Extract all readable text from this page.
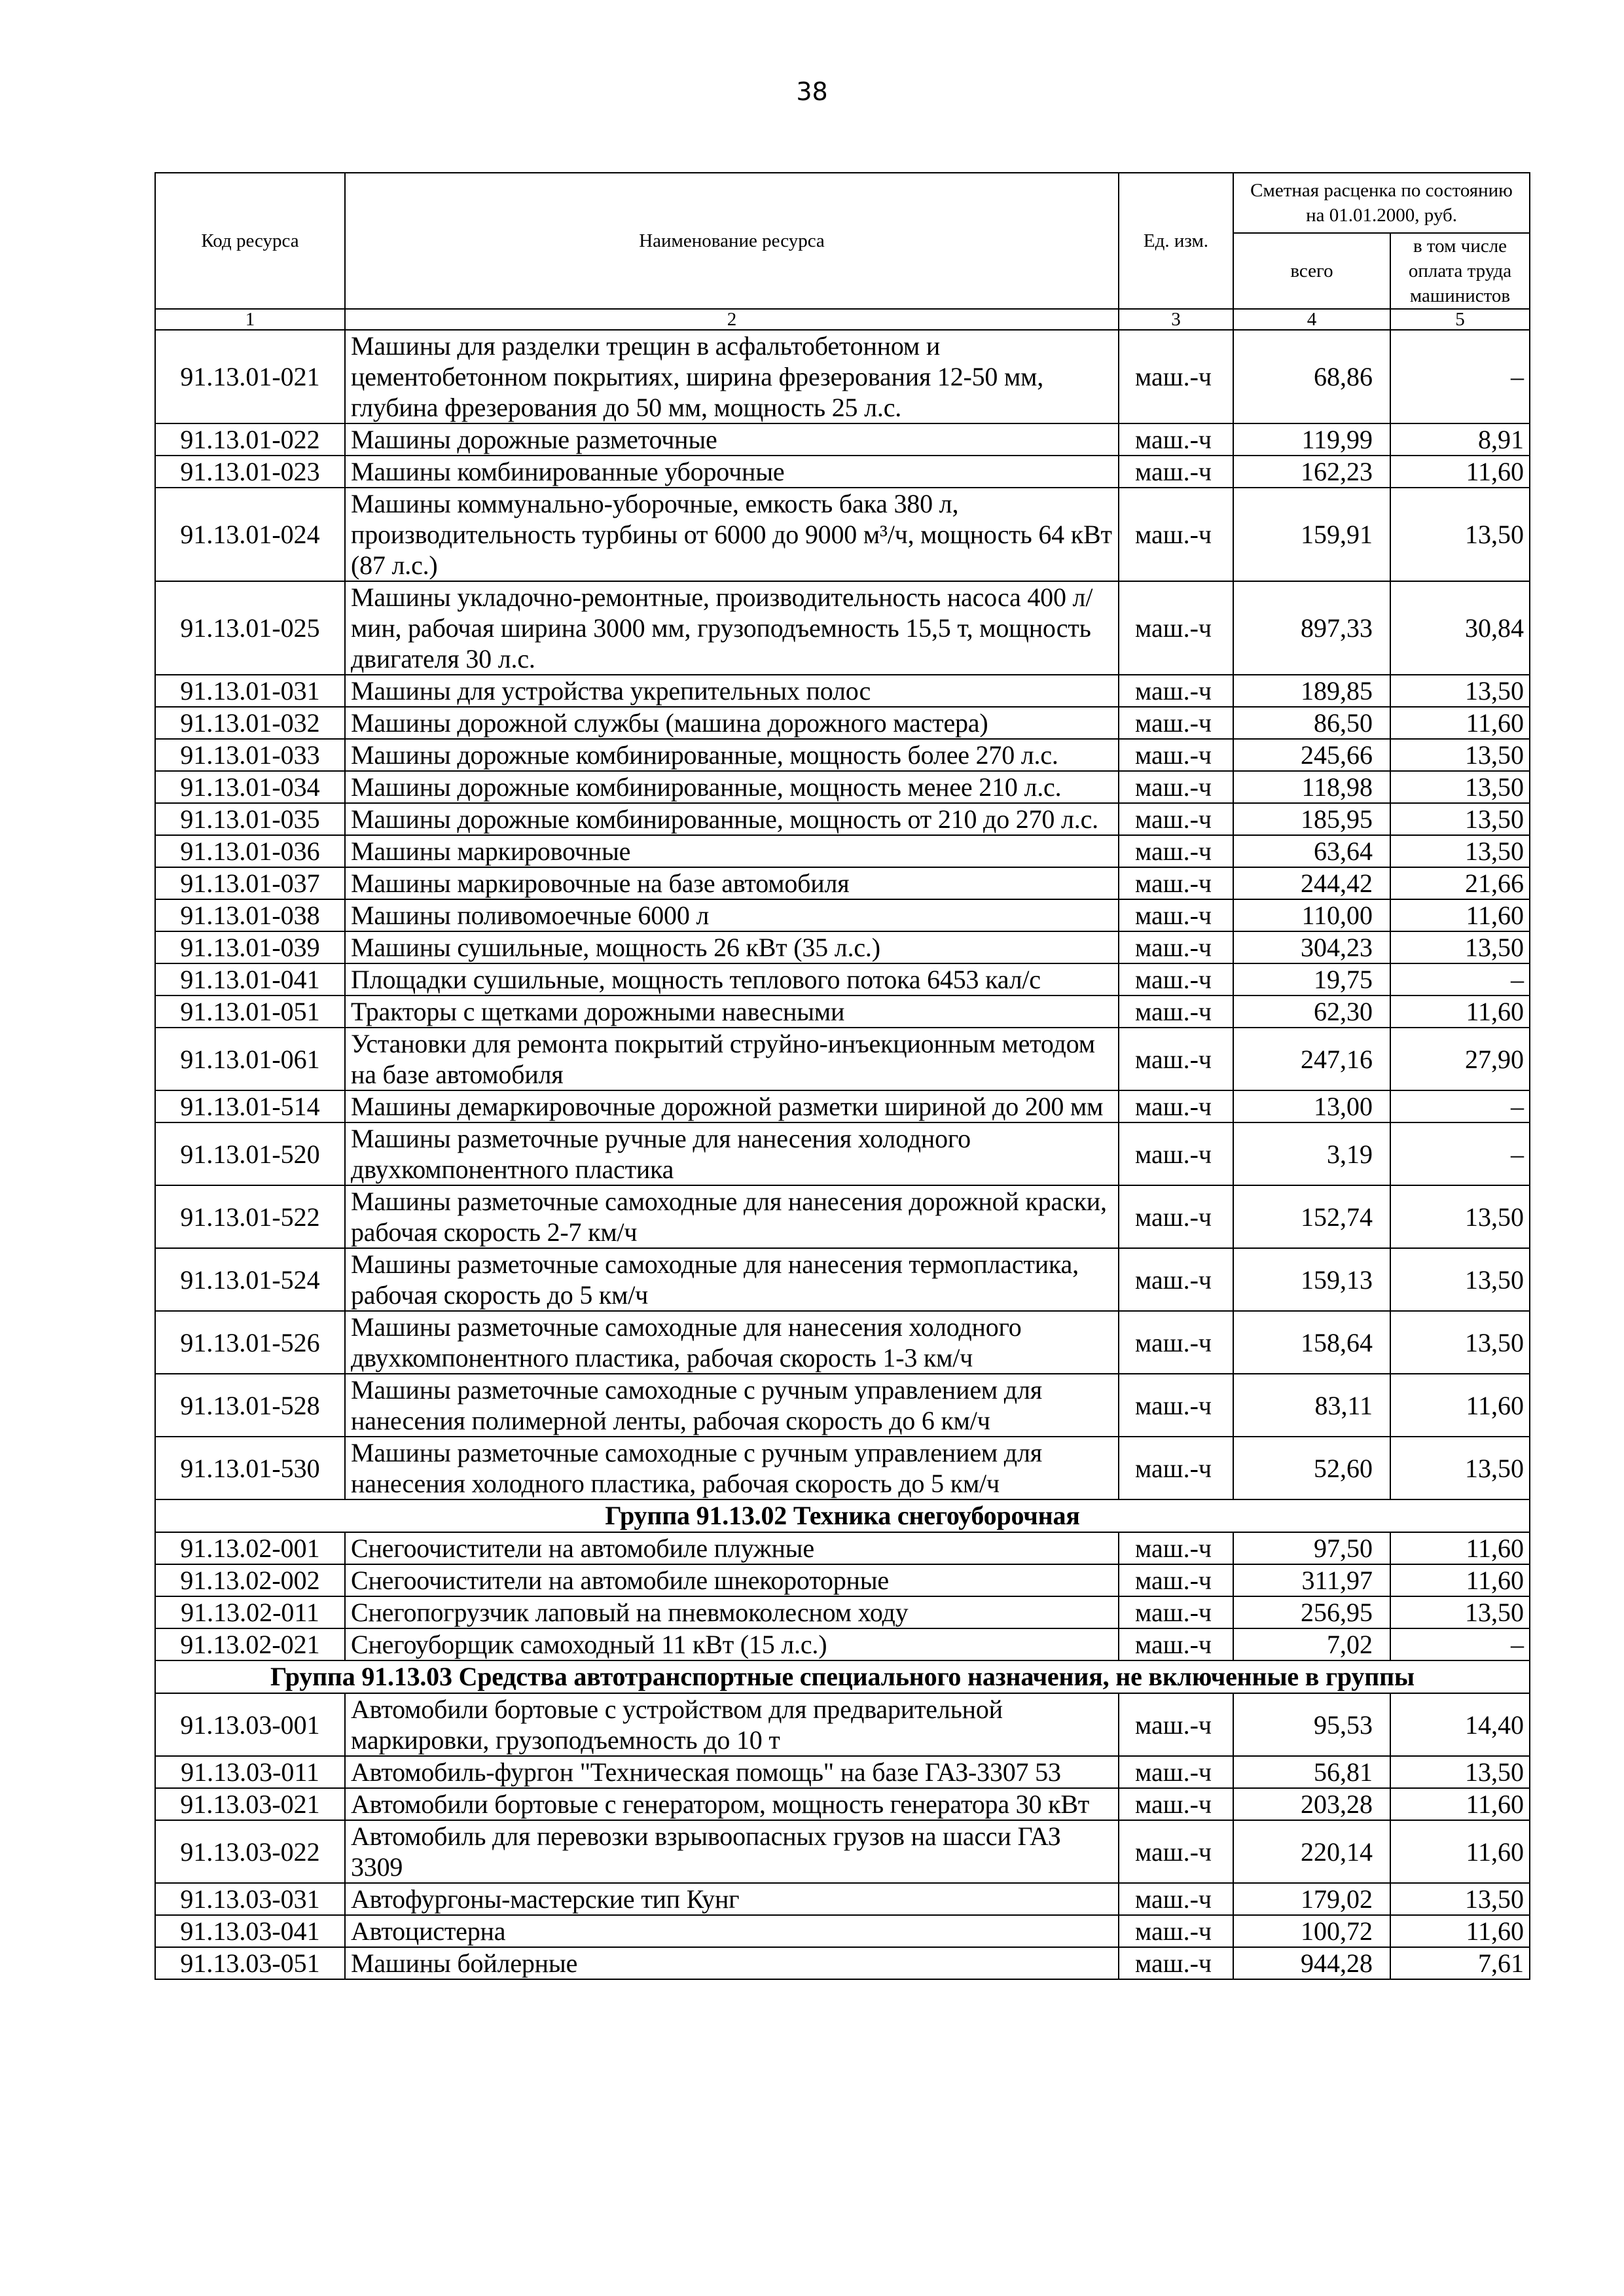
38
Код ресурса	Наименование ресурса	Ед. изм.	Сметная расценка по состоянию на 01.01.2000, руб.	
			всего	в том числе оплата труда машинистов
1	2	3	4	5
91.13.01-021	Машины для разделки трещин в асфальтобетонном и цементобетонном покрытиях, ширина фрезерования 12-50 мм, глубина фрезерования до 50 мм, мощность 25 л.с.	маш.-ч	68,86	–
91.13.01-022	Машины дорожные разметочные	маш.-ч	119,99	8,91
91.13.01-023	Машины комбинированные уборочные	маш.-ч	162,23	11,60
91.13.01-024	Машины коммунально-уборочные, емкость бака 380 л, производительность турбины от 6000 до 9000 м³/ч, мощность 64 кВт (87 л.с.)	маш.-ч	159,91	13,50
91.13.01-025	Машины укладочно-ремонтные, производительность насоса 400 л/мин, рабочая ширина 3000 мм, грузоподъемность 15,5 т, мощность двигателя 30 л.с.	маш.-ч	897,33	30,84
91.13.01-031	Машины для устройства укрепительных полос	маш.-ч	189,85	13,50
91.13.01-032	Машины дорожной службы (машина дорожного мастера)	маш.-ч	86,50	11,60
91.13.01-033	Машины дорожные комбинированные, мощность более 270 л.с.	маш.-ч	245,66	13,50
91.13.01-034	Машины дорожные комбинированные, мощность менее 210 л.с.	маш.-ч	118,98	13,50
91.13.01-035	Машины дорожные комбинированные, мощность от 210 до 270 л.с.	маш.-ч	185,95	13,50
91.13.01-036	Машины маркировочные	маш.-ч	63,64	13,50
91.13.01-037	Машины маркировочные на базе автомобиля	маш.-ч	244,42	21,66
91.13.01-038	Машины поливомоечные 6000 л	маш.-ч	110,00	11,60
91.13.01-039	Машины сушильные, мощность 26 кВт (35 л.с.)	маш.-ч	304,23	13,50
91.13.01-041	Площадки сушильные, мощность теплового потока 6453 кал/с	маш.-ч	19,75	–
91.13.01-051	Тракторы с щетками дорожными навесными	маш.-ч	62,30	11,60
91.13.01-061	Установки для ремонта покрытий струйно-инъекционным методом на базе автомобиля	маш.-ч	247,16	27,90
91.13.01-514	Машины демаркировочные дорожной разметки шириной до 200 мм	маш.-ч	13,00	–
91.13.01-520	Машины разметочные ручные для нанесения холодного двухкомпонентного пластика	маш.-ч	3,19	–
91.13.01-522	Машины разметочные самоходные для нанесения дорожной краски, рабочая скорость 2-7 км/ч	маш.-ч	152,74	13,50
91.13.01-524	Машины разметочные самоходные для нанесения термопластика, рабочая скорость до 5 км/ч	маш.-ч	159,13	13,50
91.13.01-526	Машины разметочные самоходные для нанесения холодного двухкомпонентного пластика, рабочая скорость 1-3 км/ч	маш.-ч	158,64	13,50
91.13.01-528	Машины разметочные самоходные с ручным управлением для нанесения полимерной ленты, рабочая скорость до 6 км/ч	маш.-ч	83,11	11,60
91.13.01-530	Машины разметочные самоходные с ручным управлением для нанесения холодного пластика, рабочая скорость до 5 км/ч	маш.-ч	52,60	13,50
Группа 91.13.02 Техника снегоуборочная				
91.13.02-001	Снегоочистители на автомобиле плужные	маш.-ч	97,50	11,60
91.13.02-002	Снегоочистители на автомобиле шнекороторные	маш.-ч	311,97	11,60
91.13.02-011	Снегопогрузчик лаповый на пневмоколесном ходу	маш.-ч	256,95	13,50
91.13.02-021	Снегоуборщик самоходный 11 кВт (15 л.с.)	маш.-ч	7,02	–
Группа 91.13.03 Средства автотранспортные специального назначения, не включенные в группы				
91.13.03-001	Автомобили бортовые с устройством для предварительной маркировки, грузоподъемность до 10 т	маш.-ч	95,53	14,40
91.13.03-011	Автомобиль-фургон "Техническая помощь" на базе ГАЗ-3307 53	маш.-ч	56,81	13,50
91.13.03-021	Автомобили бортовые с генератором, мощность генератора 30 кВт	маш.-ч	203,28	11,60
91.13.03-022	Автомобиль для перевозки взрывоопасных грузов на шасси ГАЗ 3309	маш.-ч	220,14	11,60
91.13.03-031	Автофургоны-мастерские тип Кунг	маш.-ч	179,02	13,50
91.13.03-041	Автоцистерна	маш.-ч	100,72	11,60
91.13.03-051	Машины бойлерные	маш.-ч	944,28	7,61
